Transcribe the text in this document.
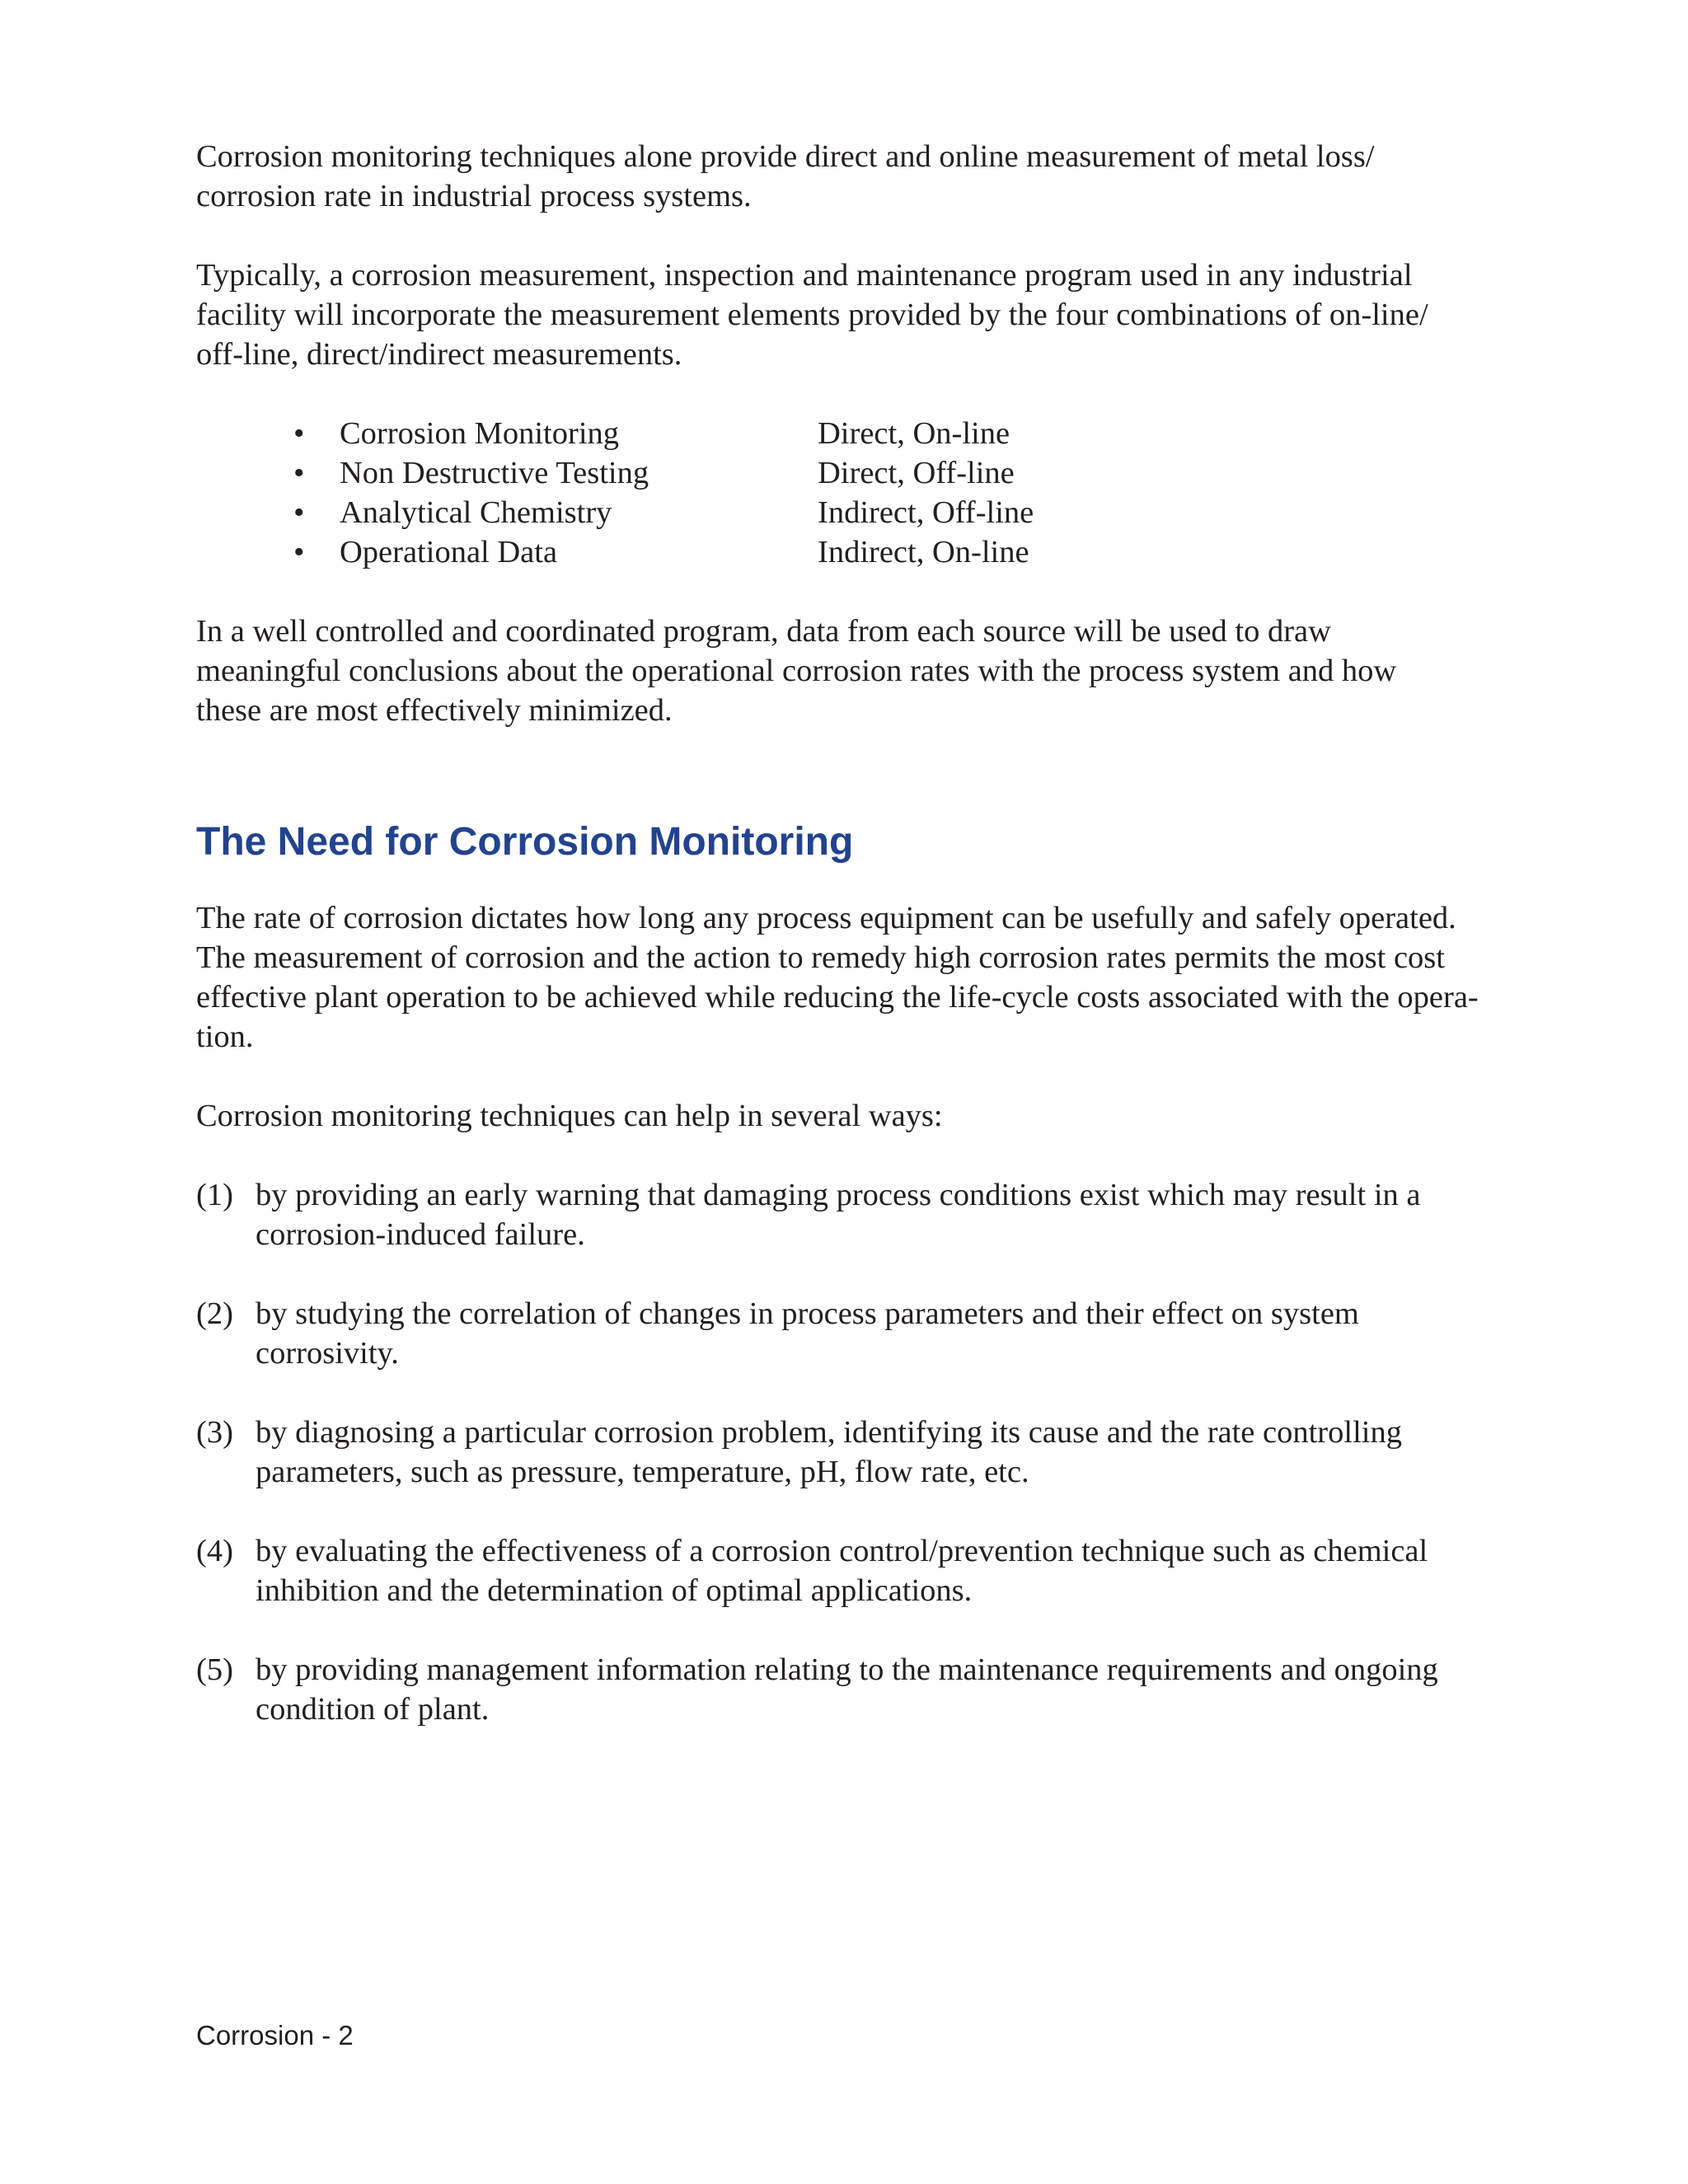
Corrosion monitoring techniques alone provide direct and online measurement of metal loss/
corrosion rate in industrial process systems.

Typically, a corrosion measurement, inspection and maintenance program used in any industrial
facility will incorporate the measurement elements provided by the four combinations of on-line/
off-line, direct/indirect measurements.

• Corrosion Monitoring	Direct, On-line
• Non Destructive Testing	Direct, Off-line
• Analytical Chemistry	Indirect, Off-line
• Operational Data	Indirect, On-line

In a well controlled and coordinated program, data from each source will be used to draw
meaningful conclusions about the operational corrosion rates with the process system and how
these are most effectively minimized.

The Need for Corrosion Monitoring

The rate of corrosion dictates how long any process equipment can be usefully and safely operated.
The measurement of corrosion and the action to remedy high corrosion rates permits the most cost
effective plant operation to be achieved while reducing the life-cycle costs associated with the opera-
tion.

Corrosion monitoring techniques can help in several ways:

(1) by providing an early warning that damaging process conditions exist which may result in a
corrosion-induced failure.
(2) by studying the correlation of changes in process parameters and their effect on system
corrosivity.
(3) by diagnosing a particular corrosion problem, identifying its cause and the rate controlling
parameters, such as pressure, temperature, pH, flow rate, etc.
(4) by evaluating the effectiveness of a corrosion control/prevention technique such as chemical
inhibition and the determination of optimal applications.
(5) by providing management information relating to the maintenance requirements and ongoing
condition of plant.
Corrosion - 2
